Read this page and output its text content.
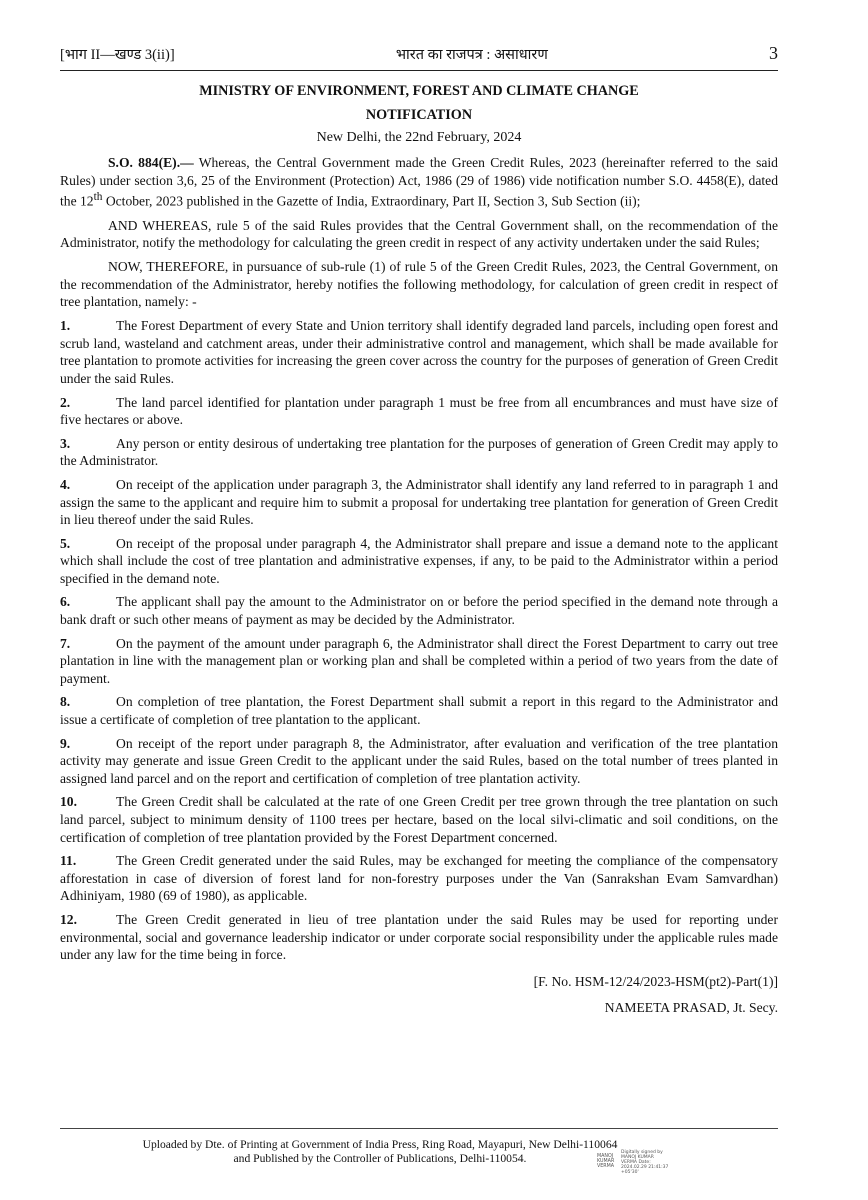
[भाग II—खण्ड 3(ii)]	भारत का राजपत्र : असाधारण	3
MINISTRY OF ENVIRONMENT, FOREST AND CLIMATE CHANGE
NOTIFICATION
New Delhi, the 22nd February, 2024

S.O. 884(E).— Whereas, the Central Government made the Green Credit Rules, 2023 (hereinafter referred to the said Rules) under section 3,6, 25 of the Environment (Protection) Act, 1986 (29 of 1986) vide notification number S.O. 4458(E), dated the 12th October, 2023 published in the Gazette of India, Extraordinary, Part II, Section 3, Sub Section (ii);

AND WHEREAS, rule 5 of the said Rules provides that the Central Government shall, on the recommendation of the Administrator, notify the methodology for calculating the green credit in respect of any activity undertaken under the said Rules;

NOW, THEREFORE, in pursuance of sub-rule (1) of rule 5 of the Green Credit Rules, 2023, the Central Government, on the recommendation of the Administrator, hereby notifies the following methodology, for calculation of green credit in respect of tree plantation, namely: -

1.	The Forest Department of every State and Union territory shall identify degraded land parcels, including open forest and scrub land, wasteland and catchment areas, under their administrative control and management, which shall be made available for tree plantation to promote activities for increasing the green cover across the country for the purposes of generation of Green Credit under the said Rules.
2.	The land parcel identified for plantation under paragraph 1 must be free from all encumbrances and must have size of five hectares or above.
3.	Any person or entity desirous of undertaking tree plantation for the purposes of generation of Green Credit may apply to the Administrator.
4.	On receipt of the application under paragraph 3, the Administrator shall identify any land referred to in paragraph 1 and assign the same to the applicant and require him to submit a proposal for undertaking tree plantation for generation of Green Credit in lieu thereof under the said Rules.
5.	On receipt of the proposal under paragraph 4, the Administrator shall prepare and issue a demand note to the applicant which shall include the cost of tree plantation and administrative expenses, if any, to be paid to the Administrator within a period specified in the demand note.
6.	The applicant shall pay the amount to the Administrator on or before the period specified in the demand note through a bank draft or such other means of payment as may be decided by the Administrator.
7.	On the payment of the amount under paragraph 6, the Administrator shall direct the Forest Department to carry out tree plantation in line with the management plan or working plan and shall be completed within a period of two years from the date of payment.
8.	On completion of tree plantation, the Forest Department shall submit a report in this regard to the Administrator and issue a certificate of completion of tree plantation to the applicant.
9.	On receipt of the report under paragraph 8, the Administrator, after evaluation and verification of the tree plantation activity may generate and issue Green Credit to the applicant under the said Rules, based on the total number of trees planted in assigned land parcel and on the report and certification of completion of tree plantation activity.
10.	The Green Credit shall be calculated at the rate of one Green Credit per tree grown through the tree plantation on such land parcel, subject to minimum density of 1100 trees per hectare, based on the local silvi-climatic and soil conditions, on the certification of completion of tree plantation provided by the Forest Department concerned.
11.	The Green Credit generated under the said Rules, may be exchanged for meeting the compliance of the compensatory afforestation in case of diversion of forest land for non-forestry purposes under the Van (Sanrakshan Evam Samvardhan) Adhiniyam, 1980 (69 of 1980), as applicable.
12.	The Green Credit generated in lieu of tree plantation under the said Rules may be used for reporting under environmental, social and governance leadership indicator or under corporate social responsibility under the applicable rules made under any law for the time being in force.
[F. No. HSM-12/24/2023-HSM(pt2)-Part(1)]
NAMEETA PRASAD, Jt. Secy.
Uploaded by Dte. of Printing at Government of India Press, Ring Road, Mayapuri, New Delhi-110064
and Published by the Controller of Publications, Delhi-110054.	MANOJ KUMAR VERMA
Digitally signed by MANOJ KUMAR VERMA Date: 2024.02.29 21:41:37 +05'30'
